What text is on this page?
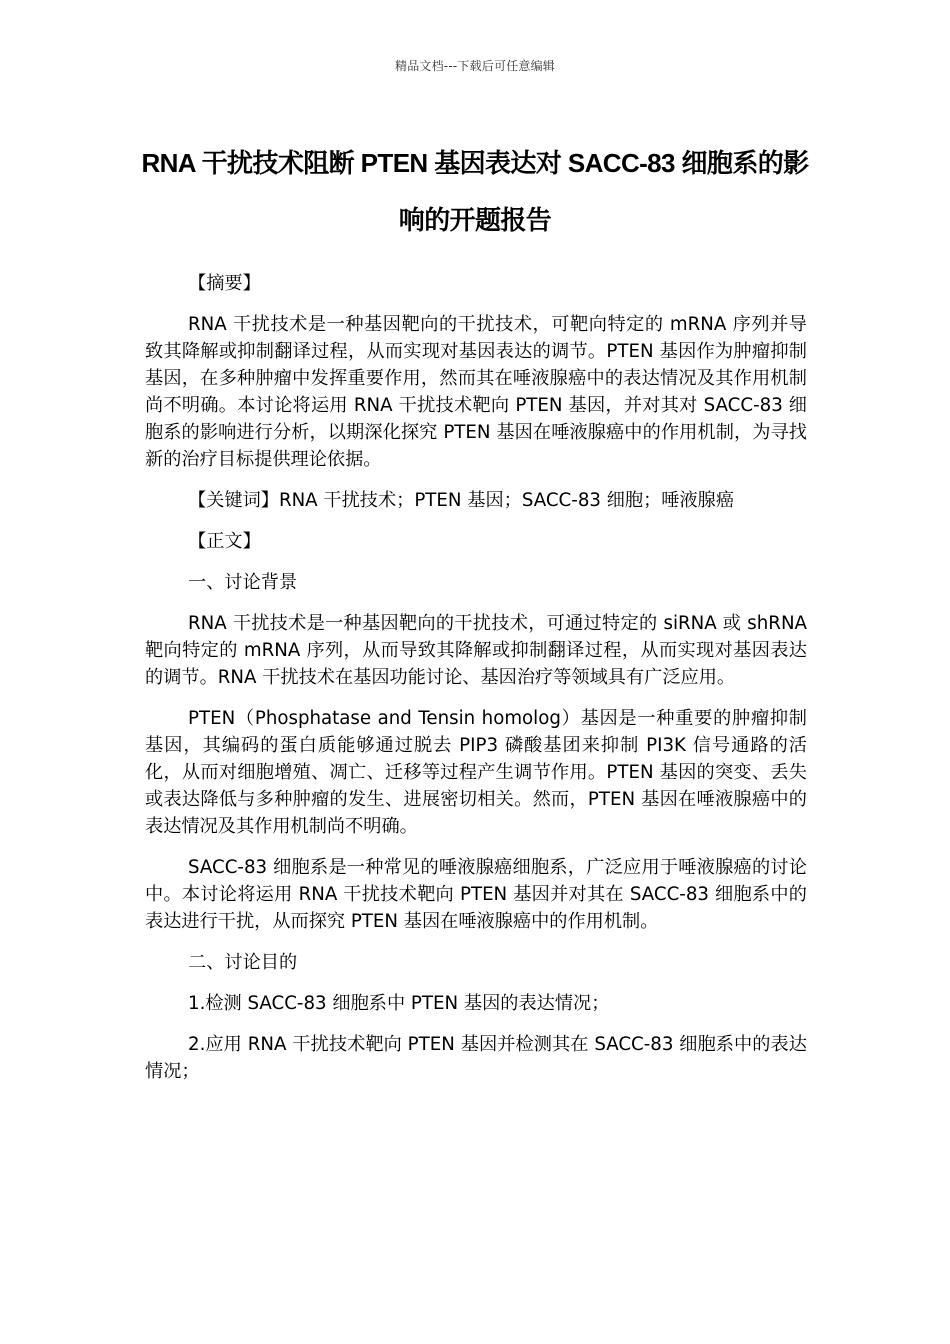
精品文档---下载后可任意编辑
RNA 干扰技术阻断 PTEN 基因表达对 SACC-83 细胞系的影响的开题报告

【摘要】

RNA 干扰技术是一种基因靶向的干扰技术，可靶向特定的 mRNA 序列并导致其降解或抑制翻译过程，从而实现对基因表达的调节。PTEN 基因作为肿瘤抑制基因，在多种肿瘤中发挥重要作用，然而其在唾液腺癌中的表达情况及其作用机制尚不明确。本讨论将运用 RNA 干扰技术靶向 PTEN 基因，并对其对 SACC-83 细胞系的影响进行分析，以期深化探究 PTEN 基因在唾液腺癌中的作用机制，为寻找新的治疗目标提供理论依据。

【关键词】RNA 干扰技术；PTEN 基因；SACC-83 细胞；唾液腺癌

【正文】

一、讨论背景

RNA 干扰技术是一种基因靶向的干扰技术，可通过特定的 siRNA 或 shRNA 靶向特定的 mRNA 序列，从而导致其降解或抑制翻译过程，从而实现对基因表达的调节。RNA 干扰技术在基因功能讨论、基因治疗等领域具有广泛应用。

PTEN（Phosphatase and Tensin homolog）基因是一种重要的肿瘤抑制基因，其编码的蛋白质能够通过脱去 PIP3 磷酸基团来抑制 PI3K 信号通路的活化，从而对细胞增殖、凋亡、迁移等过程产生调节作用。PTEN 基因的突变、丢失或表达降低与多种肿瘤的发生、进展密切相关。然而，PTEN 基因在唾液腺癌中的表达情况及其作用机制尚不明确。

SACC-83 细胞系是一种常见的唾液腺癌细胞系，广泛应用于唾液腺癌的讨论中。本讨论将运用 RNA 干扰技术靶向 PTEN 基因并对其在 SACC-83 细胞系中的表达进行干扰，从而探究 PTEN 基因在唾液腺癌中的作用机制。

二、讨论目的

1.检测 SACC-83 细胞系中 PTEN 基因的表达情况；

2.应用 RNA 干扰技术靶向 PTEN 基因并检测其在 SACC-83 细胞系中的表达情况；
